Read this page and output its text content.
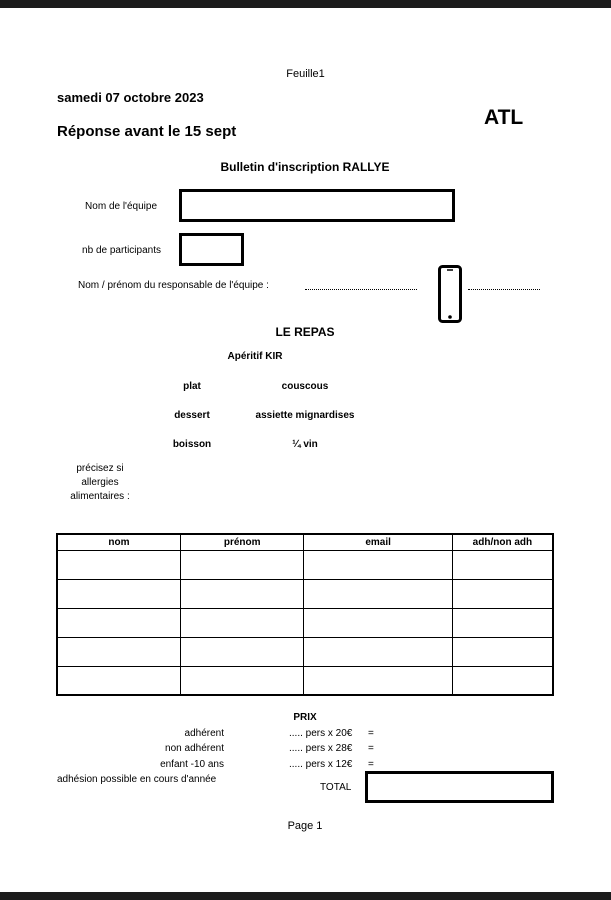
Feuille1
samedi 07 octobre 2023
Réponse avant le 15 sept
ATL
Bulletin d'inscription RALLYE
Nom de l'équipe
nb de participants
Nom / prénom du responsable de l'équipe :
LE REPAS
Apéritif KIR
plat	couscous
dessert	assiette mignardises
boisson	¼ vin
précisez si
allergies
alimentaires :
nom	prénom	email	adh/non adh

PRIX
adhérent	..... pers x 20€ =
non adhérent	..... pers x 28€ =
enfant -10 ans	..... pers x 12€ =
adhésion possible en cours d'année
TOTAL
Page 1
